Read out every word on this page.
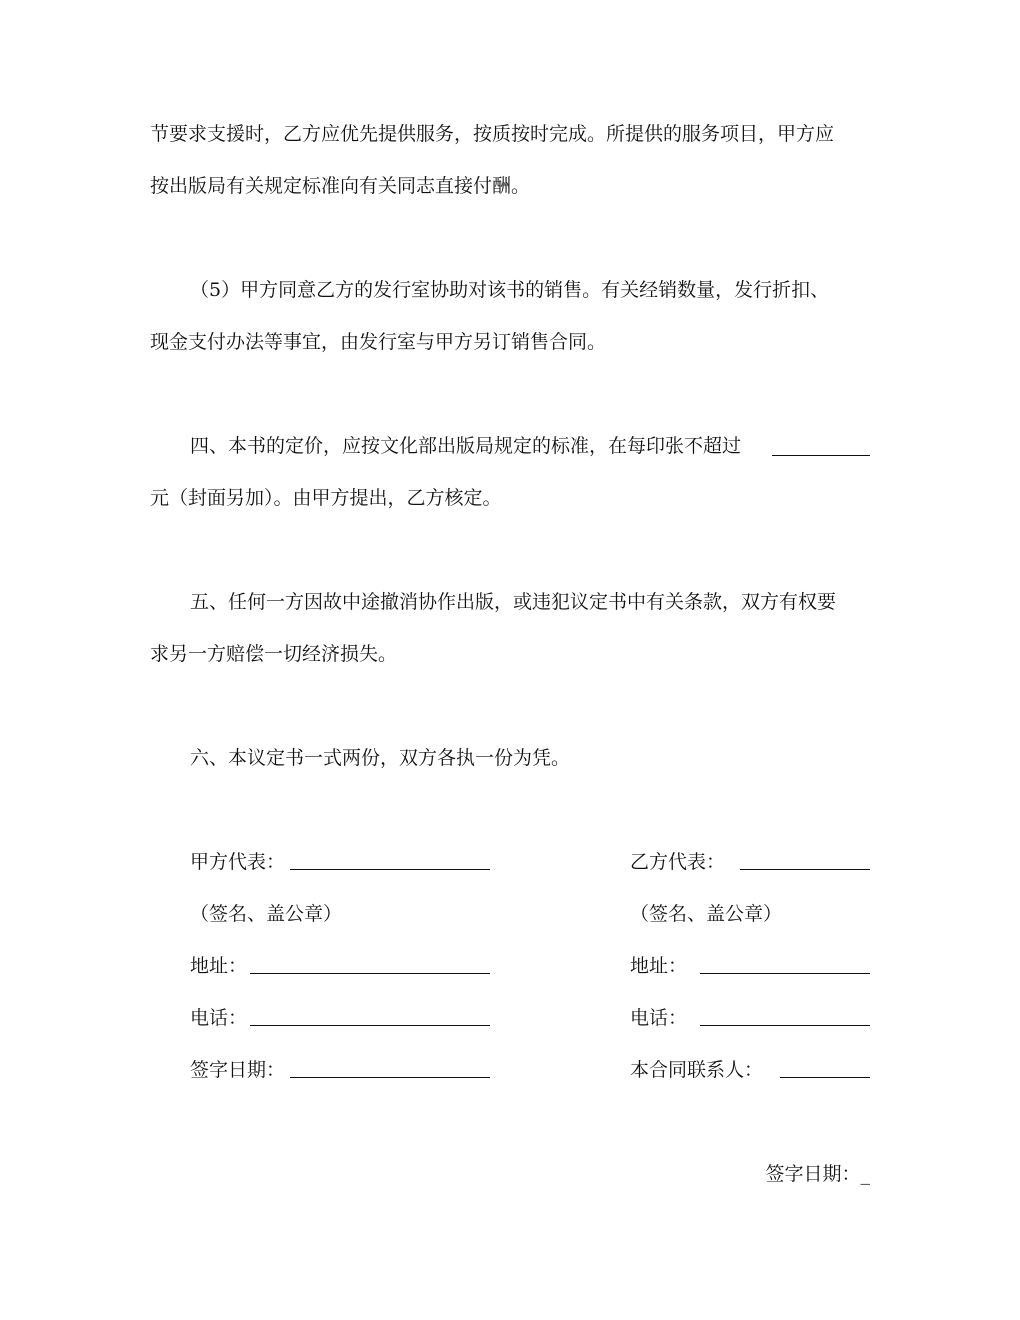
节要求支援时，乙方应优先提供服务，按质按时完成。所提供的服务项目，甲方应
按出版局有关规定标准向有关同志直接付酬。
（5）甲方同意乙方的发行室协助对该书的销售。有关经销数量，发行折扣、
现金支付办法等事宜，由发行室与甲方另订销售合同。
四、本书的定价，应按文化部出版局规定的标准，在每印张不超过
元（封面另加）。由甲方提出，乙方核定。
五、任何一方因故中途撤消协作出版，或违犯议定书中有关条款，双方有权要
求另一方赔偿一切经济损失。
六、本议定书一式两份，双方各执一份为凭。
甲方代表：
（签名、盖公章）
地址：
电话：
签字日期：
乙方代表：
（签名、盖公章）
地址：
电话：
本合同联系人：
签字日期：_
